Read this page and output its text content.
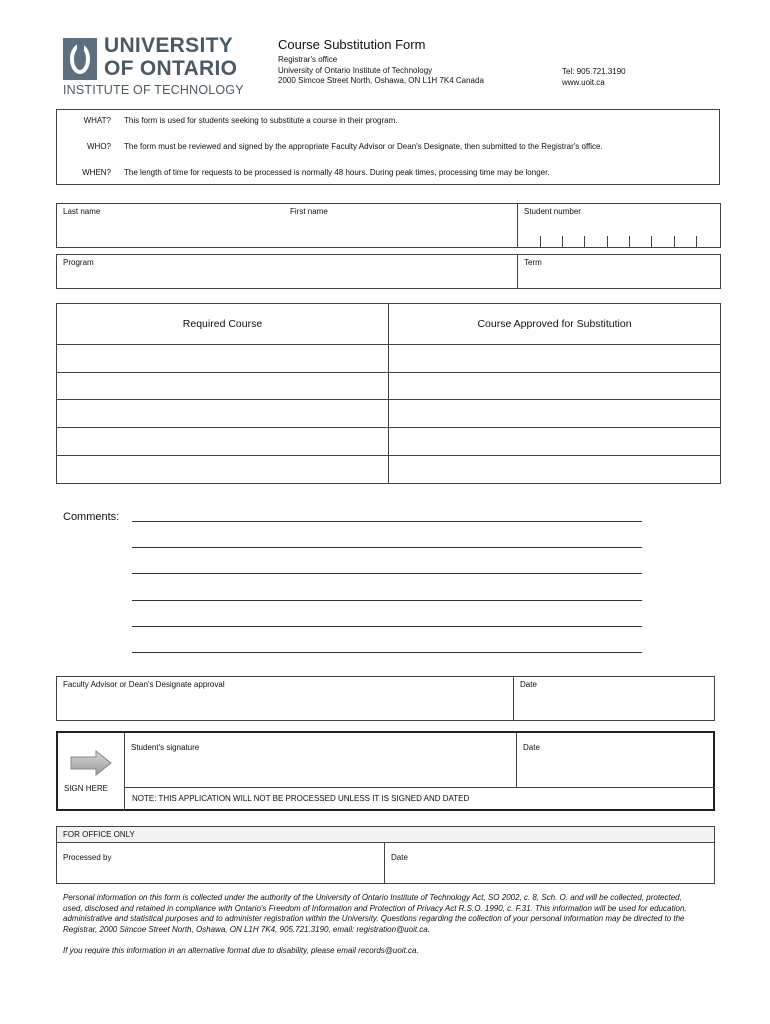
UNIVERSITY
OF ONTARIO
INSTITUTE OF TECHNOLOGY
Course Substitution Form
Registrar's office
University of Ontario Institute of Technology
2000 Simcoe Street North, Oshawa, ON L1H 7K4 Canada
Tel: 905.721.3190
www.uoit.ca
WHAT? This form is used for students seeking to substitute a course in their program.
WHO? The form must be reviewed and signed by the appropriate Faculty Advisor or Dean's Designate, then submitted to the Registrar's office.
WHEN? The length of time for requests to be processed is normally 48 hours. During peak times, processing time may be longer.
Last name	First name	Student number
Program	Term
Required Course	Course Approved for Substitution
Comments:
Faculty Advisor or Dean's Designate approval	Date
SIGN HERE
Student's signature	Date
NOTE: THIS APPLICATION WILL NOT BE PROCESSED UNLESS IT IS SIGNED AND DATED
FOR OFFICE ONLY
Processed by	Date
Personal information on this form is collected under the authority of the University of Ontario Institute of Technology Act, SO 2002, c. 8, Sch. O. and will be collected, protected, used, disclosed and retained in compliance with Ontario's Freedom of Information and Protection of Privacy Act R.S.O. 1990, c. F.31. This information will be used for education, administrative and statistical purposes and to administer registration within the University. Questions regarding the collection of your personal information may be directed to the Registrar, 2000 Simcoe Street North, Oshawa, ON L1H 7K4, 905.721.3190, email: registration@uoit.ca.
If you require this information in an alternative format due to disability, please email records@uoit.ca.
